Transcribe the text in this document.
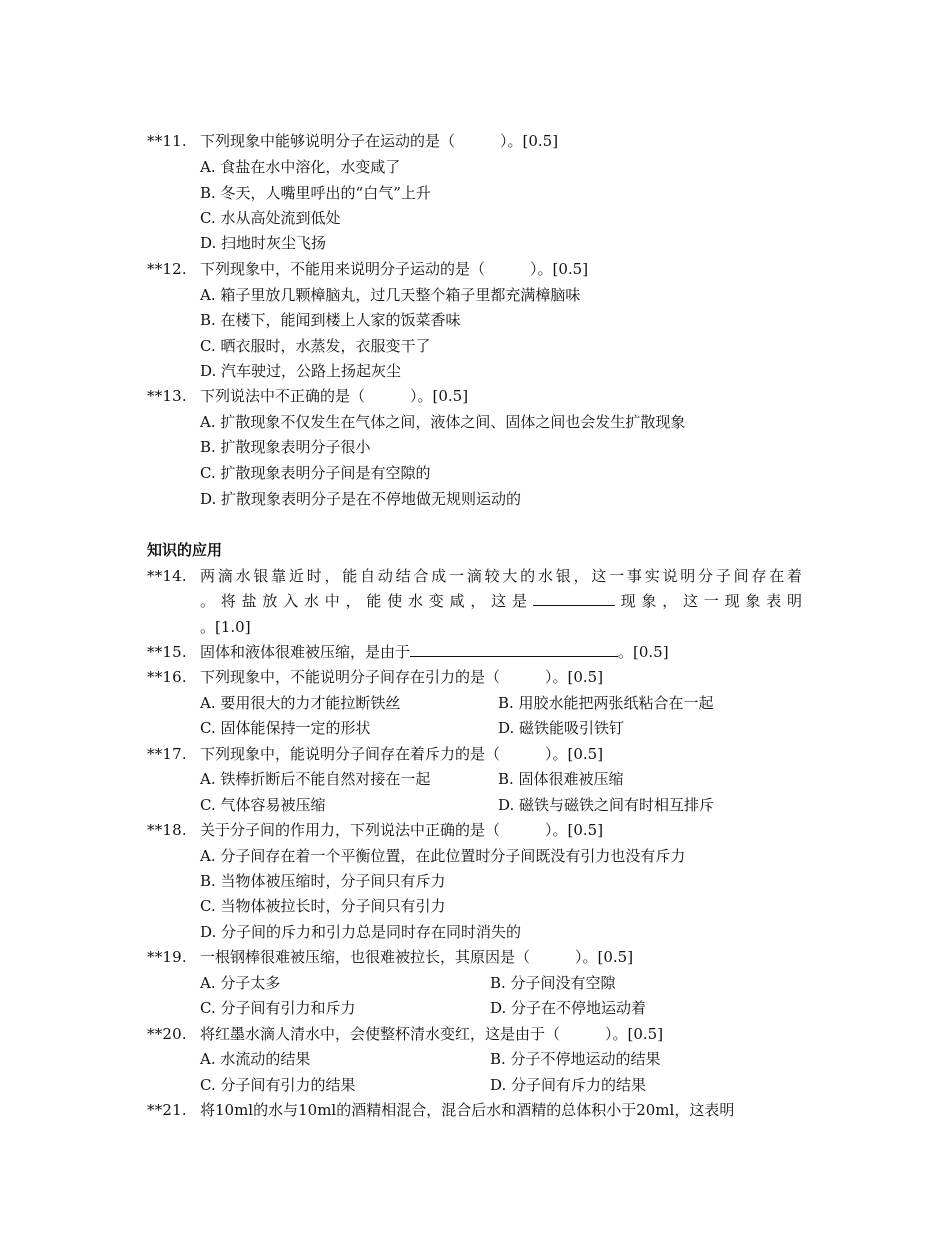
**11. 下列现象中能够说明分子在运动的是（　　　）。[0.5]
A. 食盐在水中溶化，水变咸了
B. 冬天，人嘴里呼出的“白气”上升
C. 水从高处流到低处
D. 扫地时灰尘飞扬
**12. 下列现象中，不能用来说明分子运动的是（　　　）。[0.5]
A. 箱子里放几颗樟脑丸，过几天整个箱子里都充满樟脑味
B. 在楼下，能闻到楼上人家的饭菜香味
C. 晒衣服时，水蒸发，衣服变干了
D. 汽车驶过，公路上扬起灰尘
**13. 下列说法中不正确的是（　　　）。[0.5]
A. 扩散现象不仅发生在气体之间，液体之间、固体之间也会发生扩散现象
B. 扩散现象表明分子很小
C. 扩散现象表明分子间是有空隙的
D. 扩散现象表明分子是在不停地做无规则运动的
知识的应用
**14. 两滴水银靠近时，能自动结合成一滴较大的水银，这一事实说明分子间存在着
。将盐放入水中，能使水变咸，这是	现象，这一现象表明
。[1.0]
**15. 固体和液体很难被压缩，是由于	。[0.5]
**16. 下列现象中，不能说明分子间存在引力的是（　　　）。[0.5]
A. 要用很大的力才能拉断铁丝	B. 用胶水能把两张纸粘合在一起
C. 固体能保持一定的形状	D. 磁铁能吸引铁钉
**17. 下列现象中，能说明分子间存在着斥力的是（　　　）。[0.5]
A. 铁棒折断后不能自然对接在一起	B. 固体很难被压缩
C. 气体容易被压缩	D. 磁铁与磁铁之间有时相互排斥
**18. 关于分子间的作用力，下列说法中正确的是（　　　）。[0.5]
A. 分子间存在着一个平衡位置，在此位置时分子间既没有引力也没有斥力
B. 当物体被压缩时，分子间只有斥力
C. 当物体被拉长时，分子间只有引力
D. 分子间的斥力和引力总是同时存在同时消失的
**19. 一根钢棒很难被压缩，也很难被拉长，其原因是（　　　）。[0.5]
A. 分子太多	B. 分子间没有空隙
C. 分子间有引力和斥力	D. 分子在不停地运动着
**20. 将红墨水滴人清水中，会使整杯清水变红，这是由于（　　　）。[0.5]
A. 水流动的结果	B. 分子不停地运动的结果
C. 分子间有引力的结果	D. 分子间有斥力的结果
**21. 将10ml的水与10ml的酒精相混合，混合后水和酒精的总体积小于20ml，这表明
